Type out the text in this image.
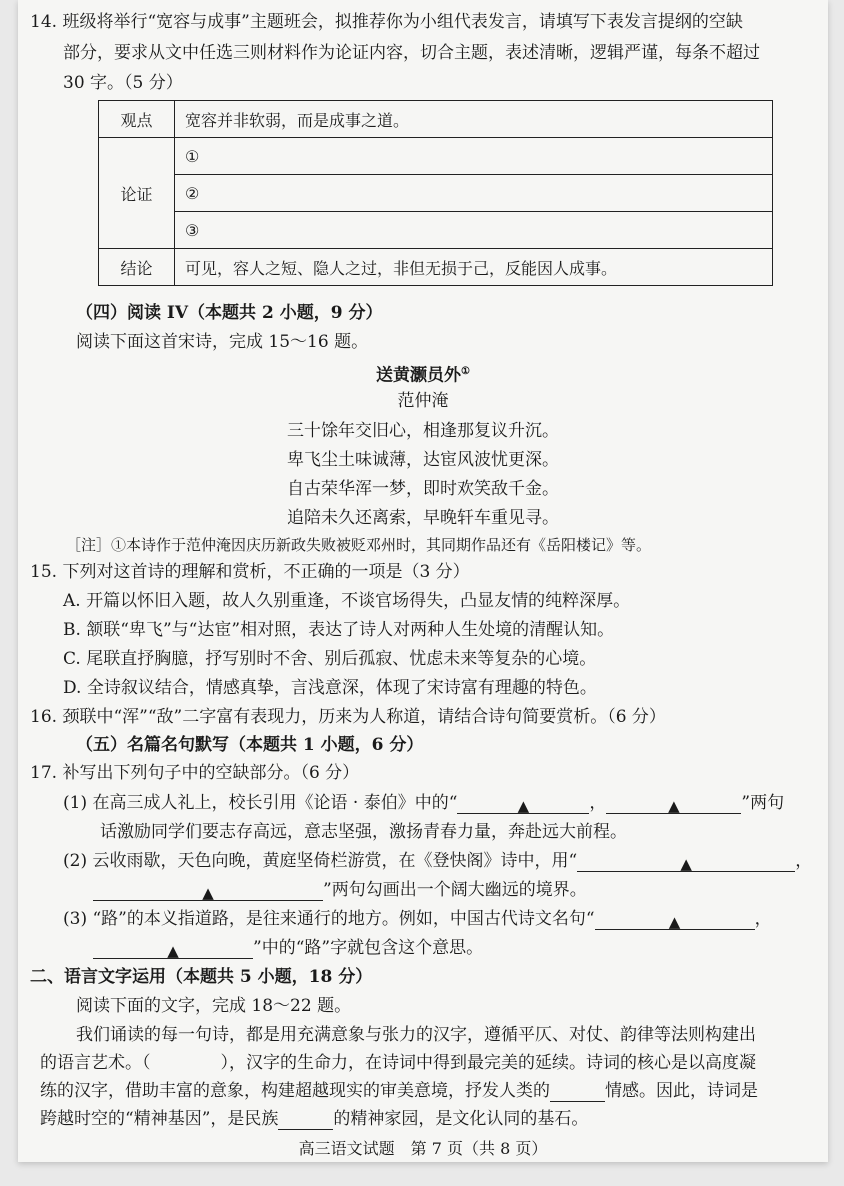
14. 班级将举行“宽容与成事”主题班会，拟推荐你为小组代表发言，请填写下表发言提纲的空缺
部分，要求从文中任选三则材料作为论证内容，切合主题，表述清晰，逻辑严谨，每条不超过
30 字。（5 分）
观点	宽容并非软弱，而是成事之道。
论证	①
	②
	③
结论	可见，容人之短、隐人之过，非但无损于己，反能因人成事。
（四）阅读 IV（本题共 2 小题，9 分）
阅读下面这首宋诗，完成 15～16 题。
送黄灏员外①
范仲淹
三十馀年交旧心，相逢那复议升沉。
卑飞尘土味诚薄，达宦风波忧更深。
自古荣华浑一梦，即时欢笑敌千金。
追陪未久还离索，早晚轩车重见寻。
［注］①本诗作于范仲淹因庆历新政失败被贬邓州时，其同期作品还有《岳阳楼记》等。
15. 下列对这首诗的理解和赏析，不正确的一项是（3 分）
A. 开篇以怀旧入题，故人久别重逢，不谈官场得失，凸显友情的纯粹深厚。
B. 颔联“卑飞”与“达宦”相对照，表达了诗人对两种人生处境的清醒认知。
C. 尾联直抒胸臆，抒写别时不舍、别后孤寂、忧虑未来等复杂的心境。
D. 全诗叙议结合，情感真挚，言浅意深，体现了宋诗富有理趣的特色。
16. 颈联中“浑”“敌”二字富有表现力，历来为人称道，请结合诗句简要赏析。（6 分）
（五）名篇名句默写（本题共 1 小题，6 分）
17. 补写出下列句子中的空缺部分。（6 分）
(1) 在高三成人礼上，校长引用《论语 · 泰伯》中的“	▲	，	▲	”两句
话激励同学们要志存高远，意志坚强，激扬青春力量，奔赴远大前程。
(2) 云收雨歇，天色向晚，黄庭坚倚栏游赏，在《登快阁》诗中，用“	▲	，
▲	”两句勾画出一个阔大幽远的境界。
(3) “路”的本义指道路，是往来通行的地方。例如，中国古代诗文名句“	▲	，
▲	”中的“路”字就包含这个意思。
二、语言文字运用（本题共 5 小题，18 分）
阅读下面的文字，完成 18～22 题。
我们诵读的每一句诗，都是用充满意象与张力的汉字，遵循平仄、对仗、韵律等法则构建出
的语言艺术。（	），汉字的生命力，在诗词中得到最完美的延续。诗词的核心是以高度凝
练的汉字，借助丰富的意象，构建超越现实的审美意境，抒发人类的	情感。因此，诗词是
跨越时空的“精神基因”，是民族	的精神家园，是文化认同的基石。
高三语文试题　第 7 页（共 8 页）
